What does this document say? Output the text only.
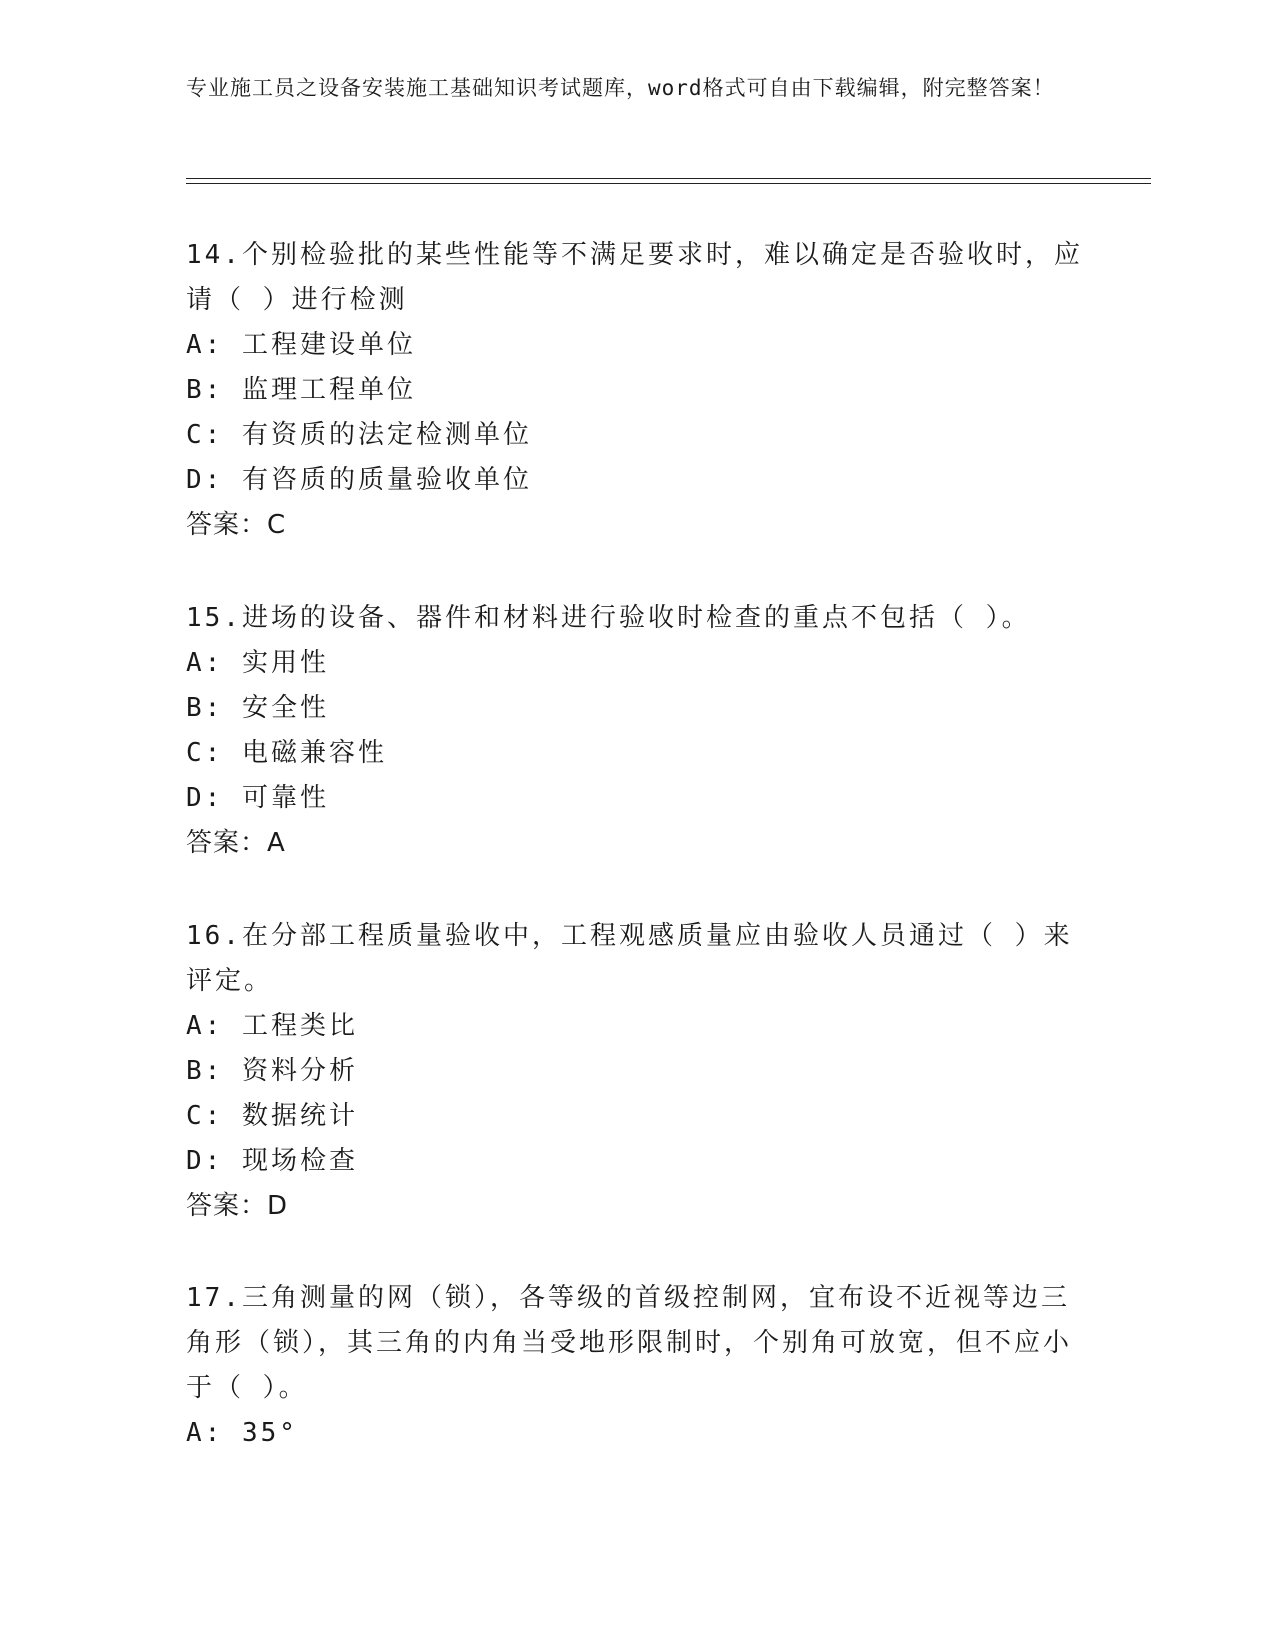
专业施工员之设备安装施工基础知识考试题库，word格式可自由下载编辑，附完整答案！

14.个别检验批的某些性能等不满足要求时，难以确定是否验收时，应请（ ）进行检测

A: 工程建设单位

B: 监理工程单位

C: 有资质的法定检测单位

D: 有咨质的质量验收单位

答案：C

15.进场的设备、器件和材料进行验收时检查的重点不包括（ ）。

A: 实用性

B: 安全性

C: 电磁兼容性

D: 可靠性

答案：A

16.在分部工程质量验收中，工程观感质量应由验收人员通过（ ）来评定。

A: 工程类比

B: 资料分析

C: 数据统计

D: 现场检查

答案：D

17.三角测量的网（锁），各等级的首级控制网，宜布设不近视等边三角形（锁），其三角的内角当受地形限制时，个别角可放宽，但不应小于（ ）。

A: 35°
